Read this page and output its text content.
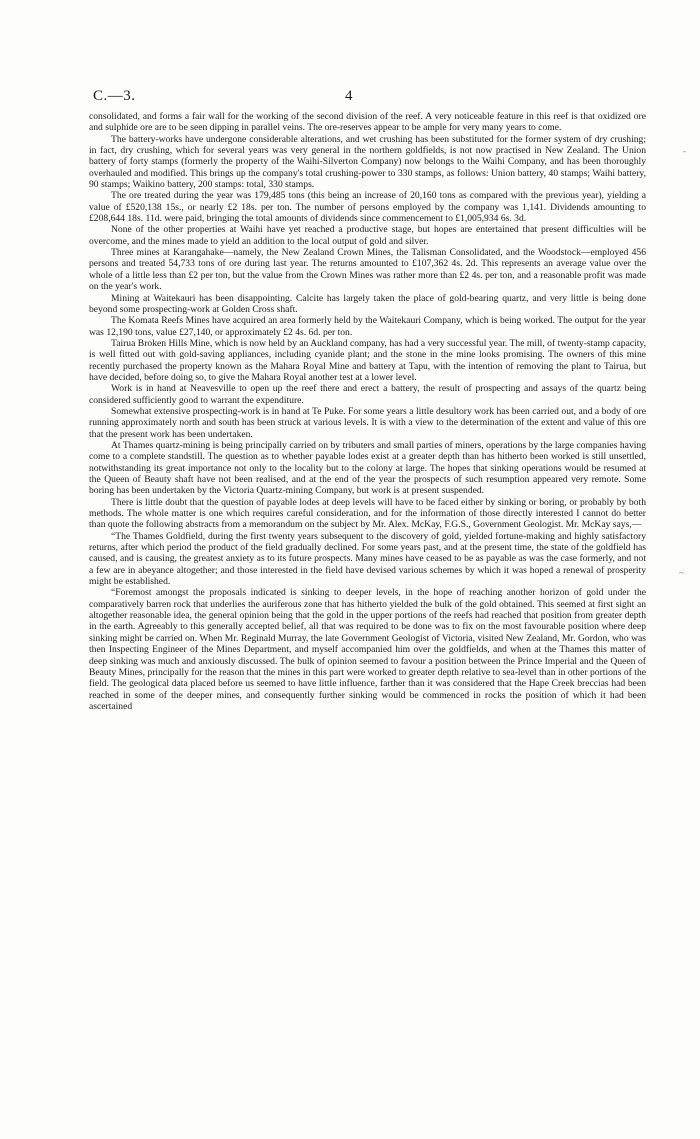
C.—3.	4

consolidated, and forms a fair wall for the working of the second division of the reef. A very noticeable feature in this reef is that oxidized ore and sulphide ore are to be seen dipping in parallel veins. The ore-reserves appear to be ample for very many years to come.

The battery-works have undergone considerable alterations, and wet crushing has been substituted for the former system of dry crushing; in fact, dry crushing, which for several years was very general in the northern goldfields, is not now practised in New Zealand. The Union battery of forty stamps (formerly the property of the Waihi-Silverton Company) now belongs to the Waihi Company, and has been thoroughly overhauled and modified. This brings up the company's total crushing-power to 330 stamps, as follows: Union battery, 40 stamps; Waihi battery, 90 stamps; Waikino battery, 200 stamps: total, 330 stamps.

The ore treated during the year was 179,485 tons (this being an increase of 20,160 tons as compared with the previous year), yielding a value of £520,138 15s., or nearly £2 18s. per ton. The number of persons employed by the company was 1,141. Dividends amounting to £208,644 18s. 11d. were paid, bringing the total amounts of dividends since commencement to £1,005,934 6s. 3d.

None of the other properties at Waihi have yet reached a productive stage, but hopes are entertained that present difficulties will be overcome, and the mines made to yield an addition to the local output of gold and silver.

Three mines at Karangahake—namely, the New Zealand Crown Mines, the Talisman Consolidated, and the Woodstock—employed 456 persons and treated 54,733 tons of ore during last year. The returns amounted to £107,362 4s. 2d. This represents an average value over the whole of a little less than £2 per ton, but the value from the Crown Mines was rather more than £2 4s. per ton, and a reasonable profit was made on the year's work.

Mining at Waitekauri has been disappointing. Calcite has largely taken the place of gold-bearing quartz, and very little is being done beyond some prospecting-work at Golden Cross shaft.

The Komata Reefs Mines have acquired an area formerly held by the Waitekauri Company, which is being worked. The output for the year was 12,190 tons, value £27,140, or approximately £2 4s. 6d. per ton.

Tairua Broken Hills Mine, which is now held by an Auckland company, has had a very successful year. The mill, of twenty-stamp capacity, is well fitted out with gold-saving appliances, including cyanide plant; and the stone in the mine looks promising. The owners of this mine recently purchased the property known as the Mahara Royal Mine and battery at Tapu, with the intention of removing the plant to Tairua, but have decided, before doing so, to give the Mahara Royal another test at a lower level.

Work is in hand at Neavesville to open up the reef there and erect a battery, the result of prospecting and assays of the quartz being considered sufficiently good to warrant the expenditure.

Somewhat extensive prospecting-work is in hand at Te Puke. For some years a little desultory work has been carried out, and a body of ore running approximately north and south has been struck at various levels. It is with a view to the determination of the extent and value of this ore that the present work has been undertaken.

At Thames quartz-mining is being principally carried on by tributers and small parties of miners, operations by the large companies having come to a complete standstill. The question as to whether payable lodes exist at a greater depth than has hitherto been worked is still unsettled, notwithstanding its great importance not only to the locality but to the colony at large. The hopes that sinking operations would be resumed at the Queen of Beauty shaft have not been realised, and at the end of the year the prospects of such resumption appeared very remote. Some boring has been undertaken by the Victoria Quartz-mining Company, but work is at present suspended.

There is little doubt that the question of payable lodes at deep levels will have to be faced either by sinking or boring, or probably by both methods. The whole matter is one which requires careful consideration, and for the information of those directly interested I cannot do better than quote the following abstracts from a memorandum on the subject by Mr. Alex. McKay, F.G.S., Government Geologist. Mr. McKay says,—

“The Thames Goldfield, during the first twenty years subsequent to the discovery of gold, yielded fortune-making and highly satisfactory returns, after which period the product of the field gradually declined. For some years past, and at the present time, the state of the goldfield has caused, and is causing, the greatest anxiety as to its future prospects. Many mines have ceased to be as payable as was the case formerly, and not a few are in abeyance altogether; and those interested in the field have devised various schemes by which it was hoped a renewal of prosperity might be established.

“Foremost amongst the proposals indicated is sinking to deeper levels, in the hope of reaching another horizon of gold under the comparatively barren rock that underlies the auriferous zone that has hitherto yielded the bulk of the gold obtained. This seemed at first sight an altogether reasonable idea, the general opinion being that the gold in the upper portions of the reefs had reached that position from greater depth in the earth. Agreeably to this generally accepted belief, all that was required to be done was to fix on the most favourable position where deep sinking might be carried on. When Mr. Reginald Murray, the late Government Geologist of Victoria, visited New Zealand, Mr. Gordon, who was then Inspecting Engineer of the Mines Department, and myself accompanied him over the goldfields, and when at the Thames this matter of deep sinking was much and anxiously discussed. The bulk of opinion seemed to favour a position between the Prince Imperial and the Queen of Beauty Mines, principally for the reason that the mines in this part were worked to greater depth relative to sea-level than in other portions of the field. The geological data placed before us seemed to have little influence, farther than it was considered that the Hape Creek breccias had been reached in some of the deeper mines, and consequently further sinking would be commenced in rocks the position of which it had been ascertained

-
~
